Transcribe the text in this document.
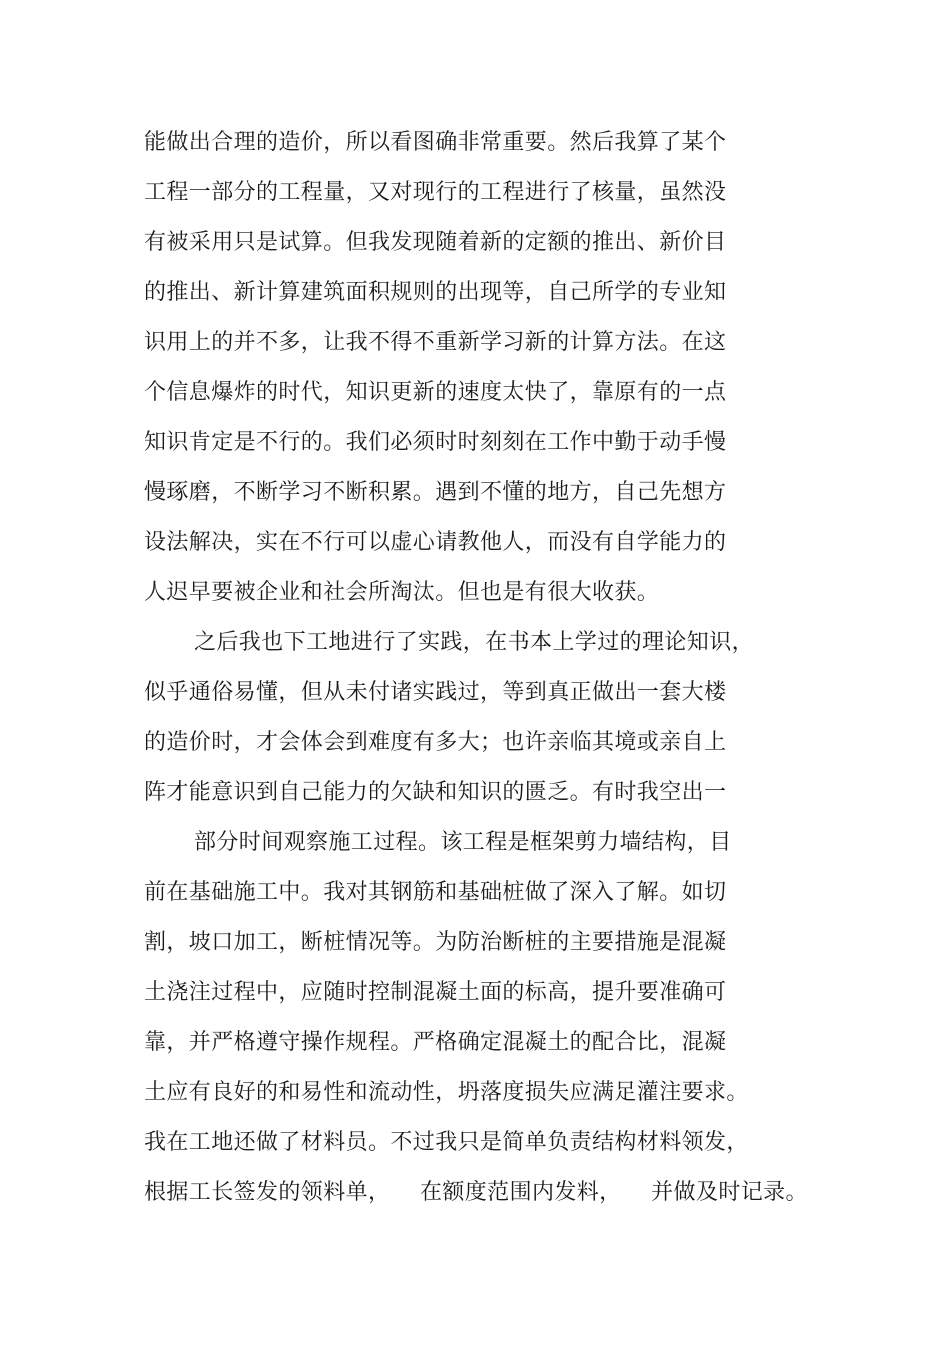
能做出合理的造价，所以看图确非常重要。然后我算了某个
工程一部分的工程量，又对现行的工程进行了核量，虽然没
有被采用只是试算。但我发现随着新的定额的推出、新价目
的推出、新计算建筑面积规则的出现等，自己所学的专业知
识用上的并不多，让我不得不重新学习新的计算方法。在这
个信息爆炸的时代，知识更新的速度太快了，靠原有的一点
知识肯定是不行的。我们必须时时刻刻在工作中勤于动手慢
慢琢磨，不断学习不断积累。遇到不懂的地方，自己先想方
设法解决，实在不行可以虚心请教他人，而没有自学能力的
人迟早要被企业和社会所淘汰。但也是有很大收获。
之后我也下工地进行了实践，在书本上学过的理论知识，
似乎通俗易懂，但从未付诸实践过，等到真正做出一套大楼
的造价时，才会体会到难度有多大；也许亲临其境或亲自上
阵才能意识到自己能力的欠缺和知识的匮乏。有时我空出一
部分时间观察施工过程。该工程是框架剪力墙结构，目
前在基础施工中。我对其钢筋和基础桩做了深入了解。如切
割，坡口加工，断桩情况等。为防治断桩的主要措施是混凝
土浇注过程中，应随时控制混凝土面的标高，提升要准确可
靠，并严格遵守操作规程。严格确定混凝土的配合比，混凝
土应有良好的和易性和流动性，坍落度损失应满足灌注要求。
我在工地还做了材料员。不过我只是简单负责结构材料领发，
根据工长签发的领料单，    在额度范围内发料，    并做及时记录。
